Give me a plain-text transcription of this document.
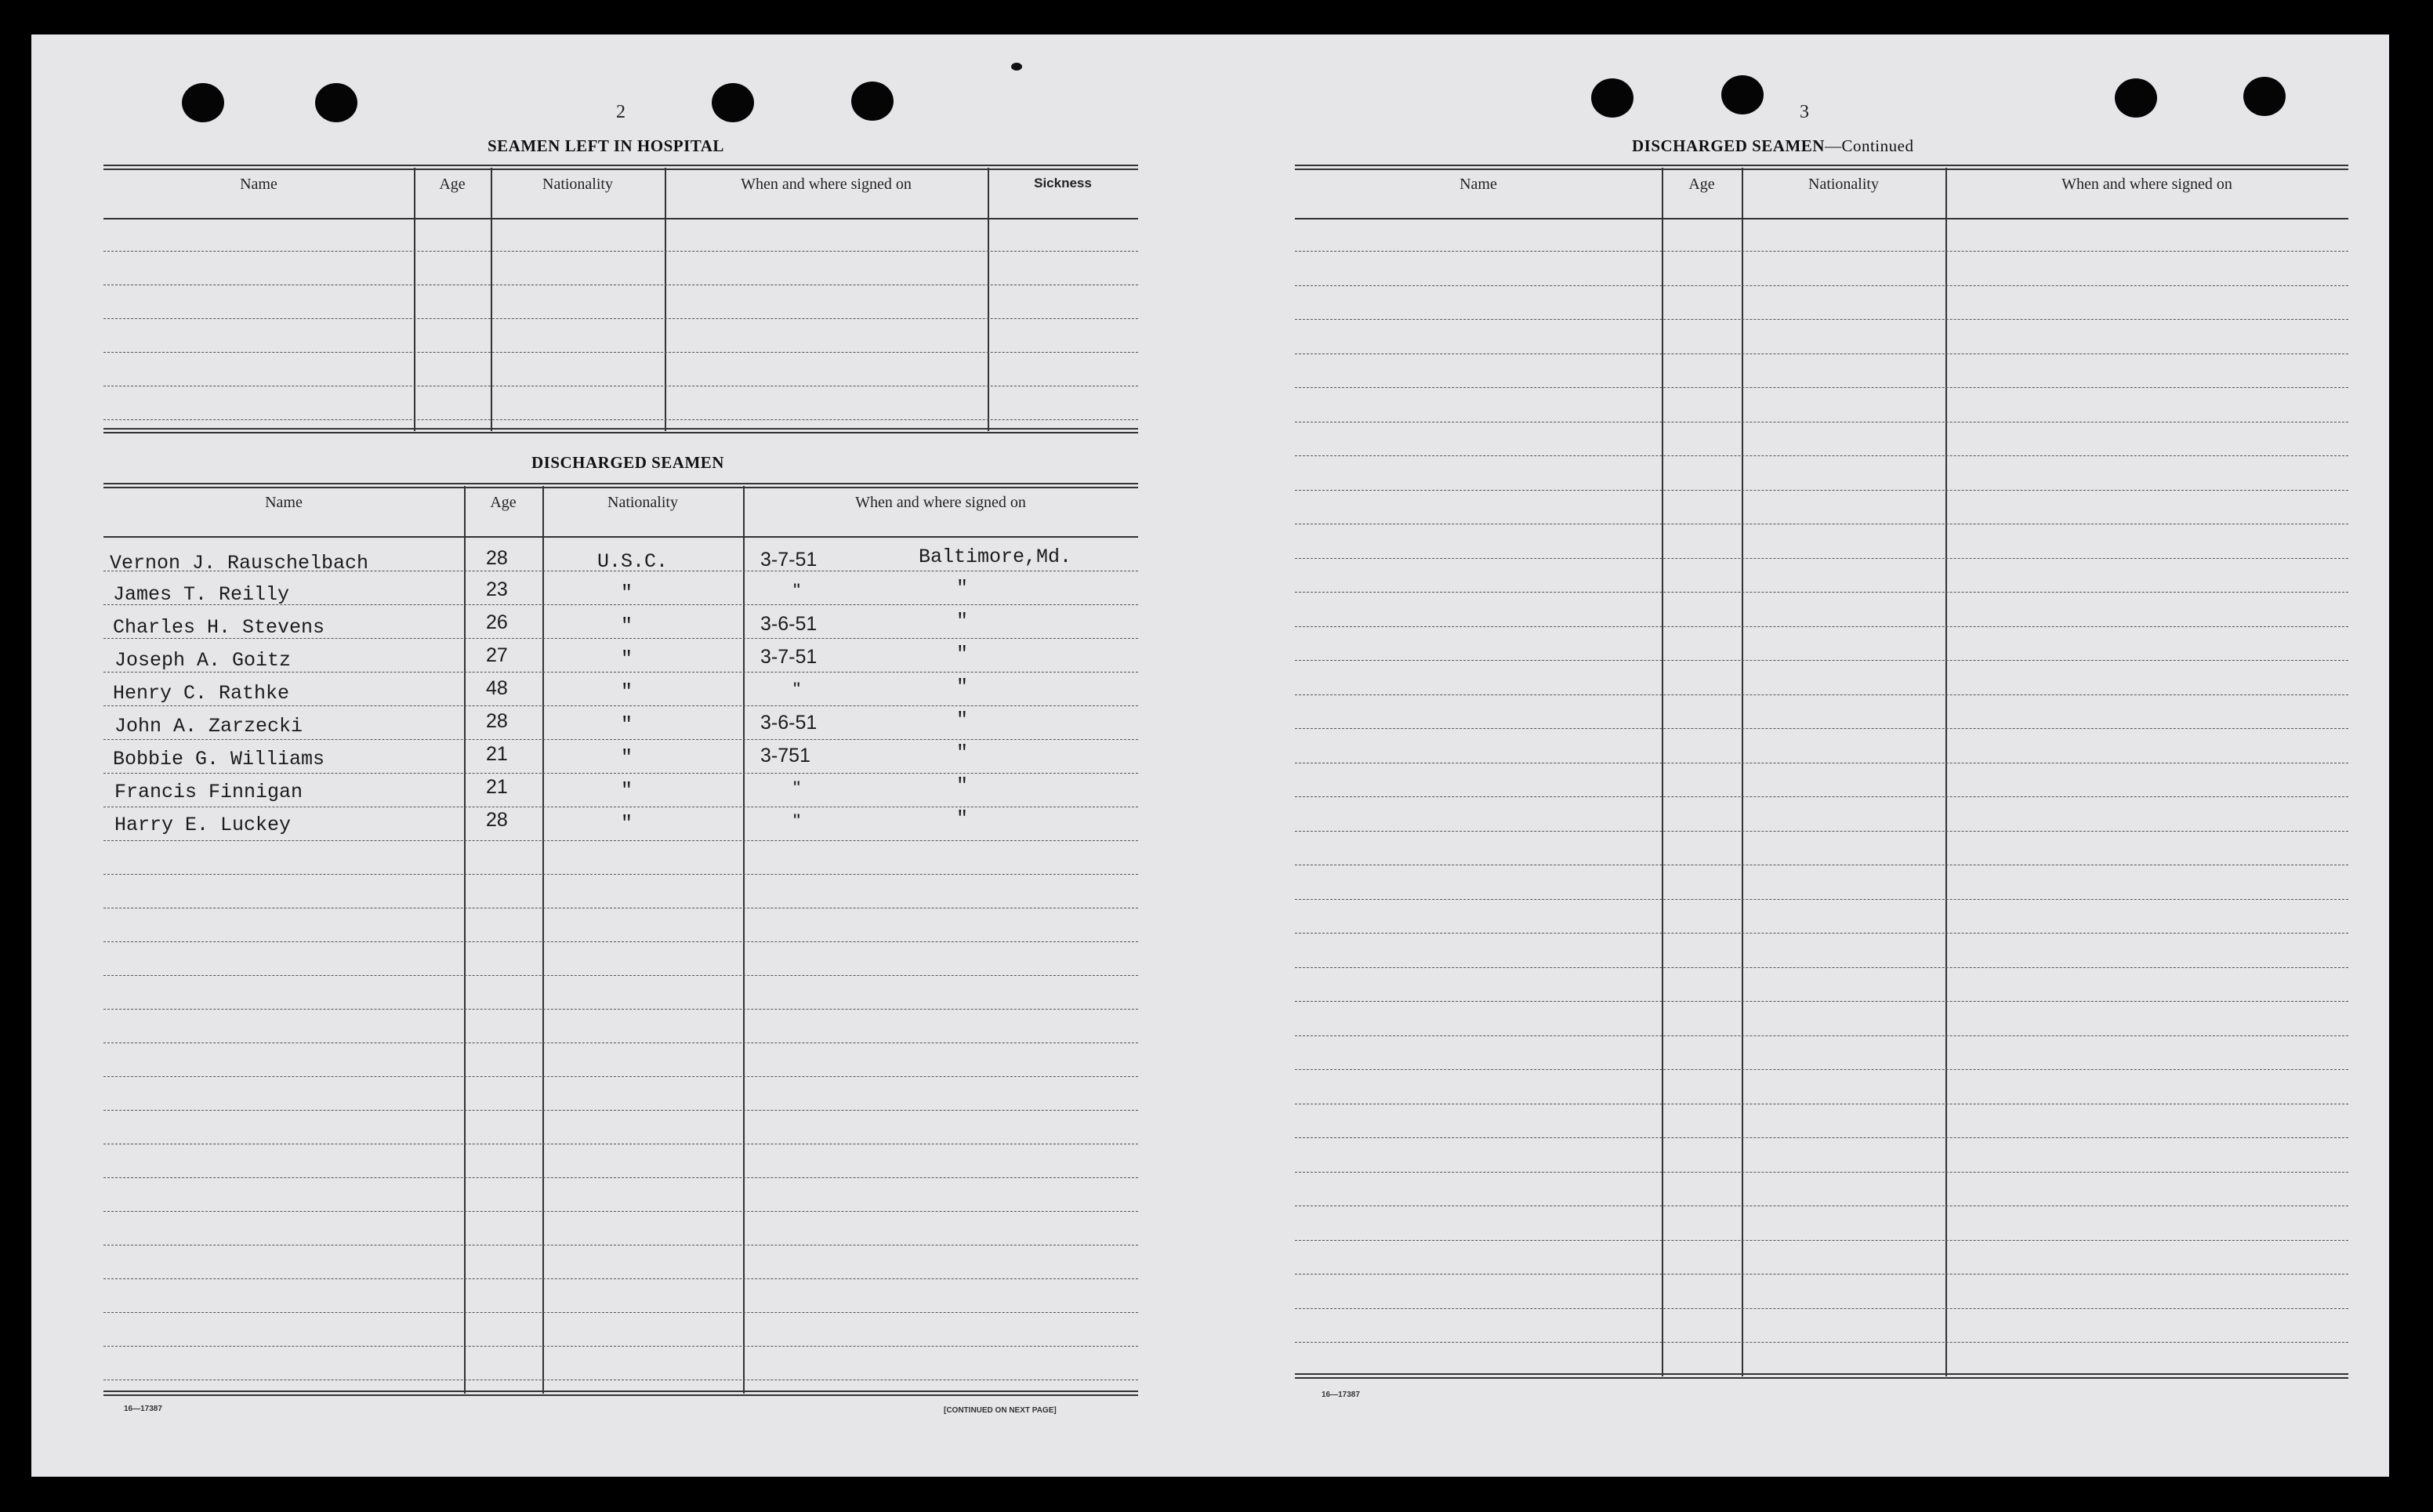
2
SEAMEN LEFT IN HOSPITAL
Name	Age	Nationality	When and where signed on	Sickness
DISCHARGED SEAMEN
Name	Age	Nationality	When and where signed on
Vernon J. Rauschelbach	28	U.S.C.	3-7-51	Baltimore,Md.
James T. Reilly	23	"	"	"
Charles H. Stevens	26	"	3-6-51	"
Joseph A. Goitz	27	"	3-7-51	"
Henry C. Rathke	48	"	"	"
John A. Zarzecki	28	"	3-6-51	"
Bobbie G. Williams	21	"	3-751	"
Francis Finnigan	21	"	"	"
Harry E. Luckey	28	"	"	"
16—17387	[CONTINUED ON NEXT PAGE]
3
DISCHARGED SEAMEN—Continued
Name	Age	Nationality	When and where signed on
16—17387
